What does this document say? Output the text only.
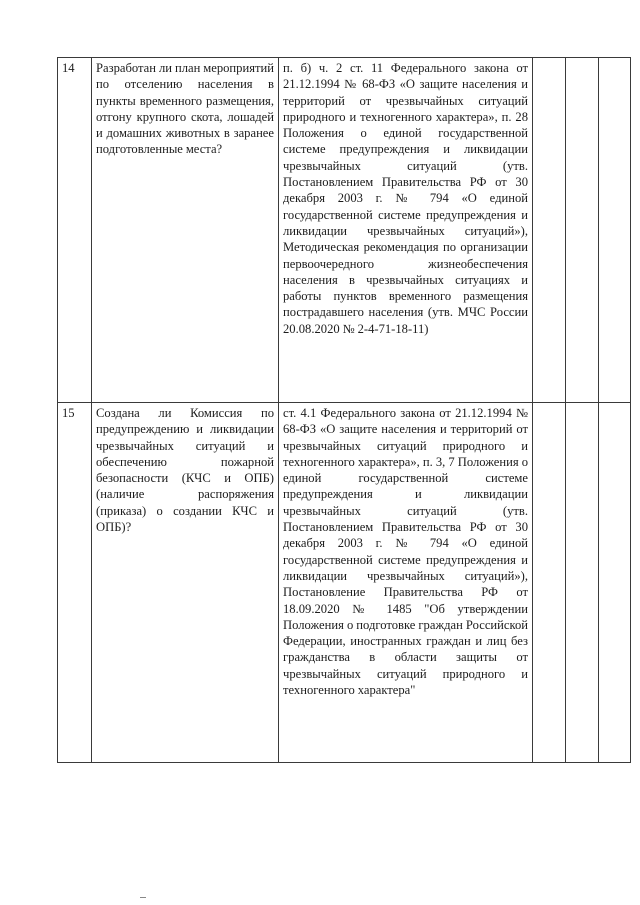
14	Разработан ли план мероприятий по отселению населения в пункты временного размещения, отгону крупного скота, лошадей и домашних животных в заранее подготовленные места?	п. б) ч. 2 ст. 11 Федерального закона от 21.12.1994 № 68-ФЗ «О защите населения и территорий от чрезвычайных ситуаций природного и техногенного характера», п. 28 Положения о единой государственной системе предупреждения и ликвидации чрезвычайных ситуаций (утв. Постановлением Правительства РФ от 30 декабря 2003 г. № 794 «О единой государственной системе предупреждения и ликвидации чрезвычайных ситуаций»), Методическая рекомендация по организации первоочередного жизнеобеспечения населения в чрезвычайных ситуациях и работы пунктов временного размещения пострадавшего населения (утв. МЧС России 20.08.2020 № 2-4-71-18-11)			

15	Создана ли Комиссия по предупреждению и ликвидации чрезвычайных ситуаций и обеспечению пожарной безопасности (КЧС и ОПБ) (наличие распоряжения (приказа) о создании КЧС и ОПБ)?	ст. 4.1 Федерального закона от 21.12.1994 № 68-ФЗ «О защите населения и территорий от чрезвычайных ситуаций природного и техногенного характера», п. 3, 7 Положения о единой государственной системе предупреждения и ликвидации чрезвычайных ситуаций (утв. Постановлением Правительства РФ от 30 декабря 2003 г. № 794 «О единой государственной системе предупреждения и ликвидации чрезвычайных ситуаций»), Постановление Правительства РФ от 18.09.2020 № 1485 "Об утверждении Положения о подготовке граждан Российской Федерации, иностранных граждан и лиц без гражданства в области защиты от чрезвычайных ситуаций природного и техногенного характера"			
